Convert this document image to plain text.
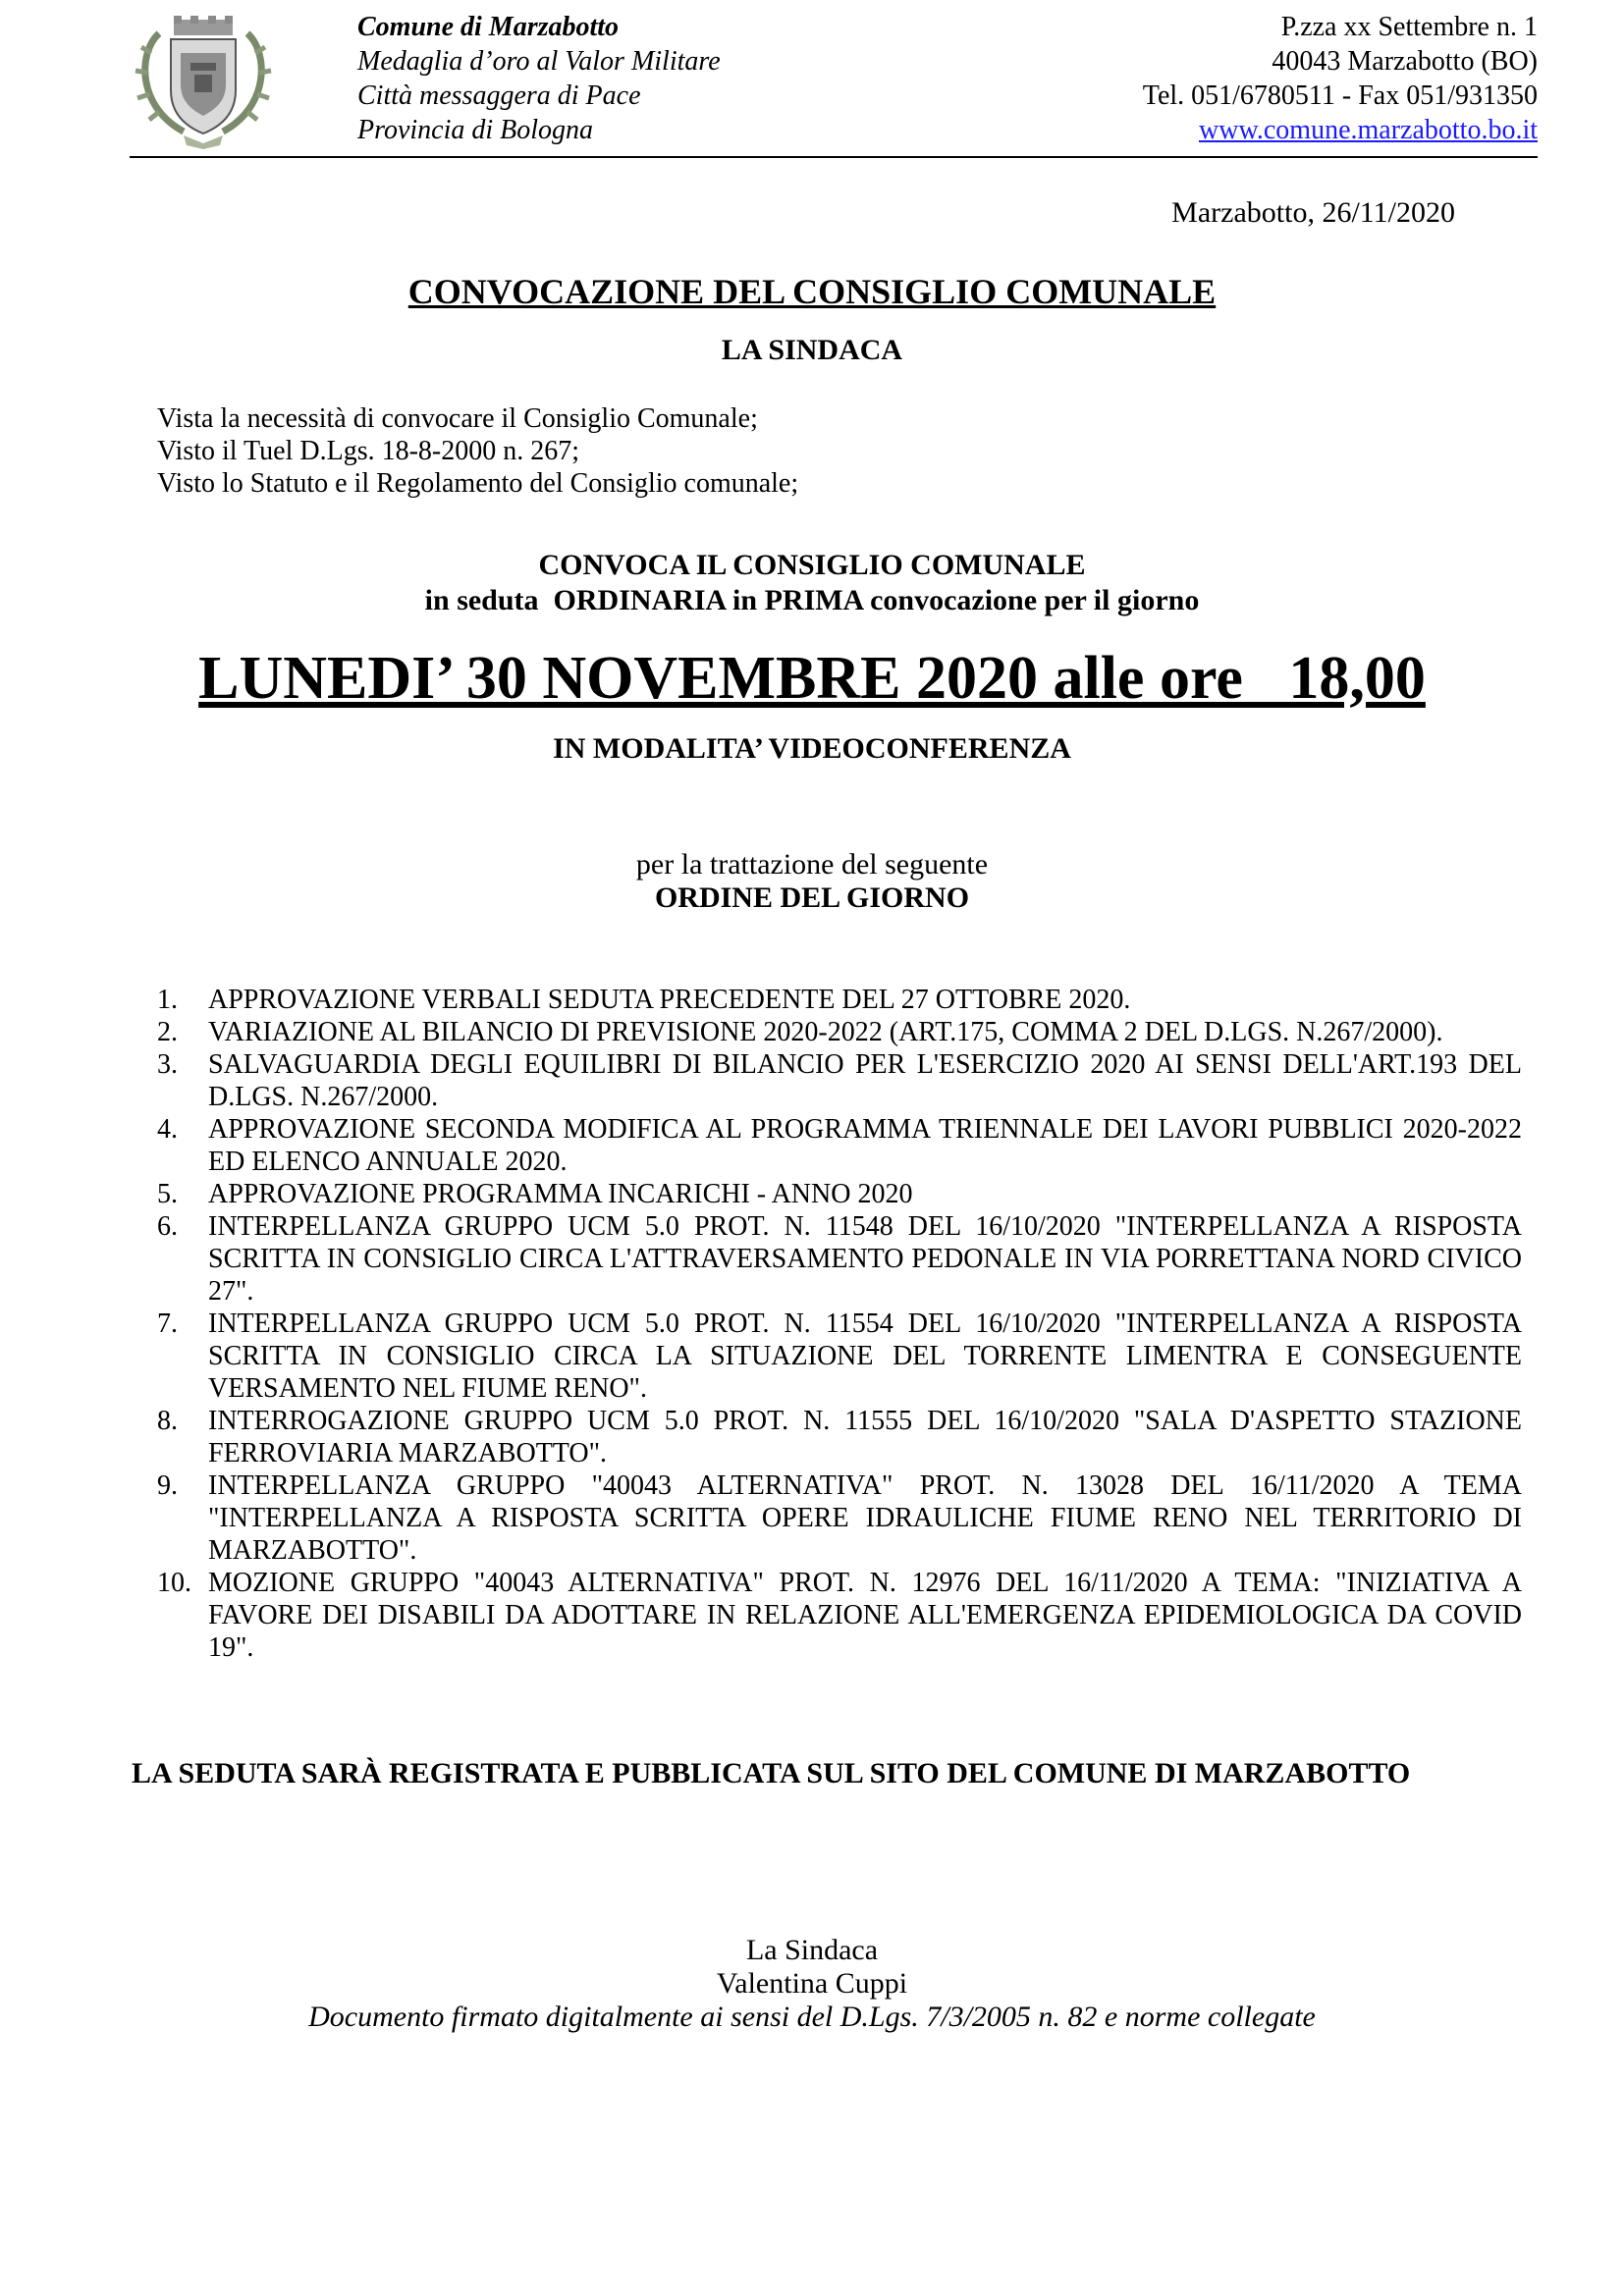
Comune di Marzabotto
Medaglia d’oro al Valor Militare
Città messaggera di Pace
Provincia di Bologna
P.zza xx Settembre n. 1
40043 Marzabotto (BO)
Tel. 051/6780511 - Fax 051/931350
www.comune.marzabotto.bo.it
Marzabotto, 26/11/2020
CONVOCAZIONE DEL CONSIGLIO COMUNALE
LA SINDACA
Vista la necessità di convocare il Consiglio Comunale;
Visto il Tuel D.Lgs. 18-8-2000 n. 267;
Visto lo Statuto e il Regolamento del Consiglio comunale;
CONVOCA IL CONSIGLIO COMUNALE
in seduta  ORDINARIA in PRIMA convocazione per il giorno
LUNEDI’ 30 NOVEMBRE 2020 alle ore _18,00
IN MODALITA’ VIDEOCONFERENZA
per la trattazione del seguente
ORDINE DEL GIORNO
1.	APPROVAZIONE VERBALI SEDUTA PRECEDENTE DEL 27 OTTOBRE 2020.
2.	VARIAZIONE AL BILANCIO DI PREVISIONE 2020-2022 (ART.175, COMMA 2 DEL D.LGS. N.267/2000).
3.	SALVAGUARDIA DEGLI EQUILIBRI DI BILANCIO PER L'ESERCIZIO 2020 AI SENSI DELL'ART.193 DEL D.LGS. N.267/2000.
4.	APPROVAZIONE SECONDA MODIFICA AL PROGRAMMA TRIENNALE DEI LAVORI PUBBLICI 2020-2022 ED ELENCO ANNUALE 2020.
5.	APPROVAZIONE PROGRAMMA INCARICHI - ANNO 2020
6.	INTERPELLANZA GRUPPO UCM 5.0 PROT. N. 11548 DEL 16/10/2020 "INTERPELLANZA A RISPOSTA SCRITTA IN CONSIGLIO CIRCA L'ATTRAVERSAMENTO PEDONALE IN VIA PORRETTANA NORD CIVICO 27".
7.	INTERPELLANZA GRUPPO UCM 5.0 PROT. N. 11554 DEL 16/10/2020 "INTERPELLANZA A RISPOSTA SCRITTA IN CONSIGLIO CIRCA LA SITUAZIONE DEL TORRENTE LIMENTRA E CONSEGUENTE VERSAMENTO NEL FIUME RENO".
8.	INTERROGAZIONE GRUPPO UCM 5.0 PROT. N. 11555 DEL 16/10/2020 "SALA D'ASPETTO STAZIONE FERROVIARIA MARZABOTTO".
9.	INTERPELLANZA GRUPPO "40043 ALTERNATIVA" PROT. N. 13028 DEL 16/11/2020 A TEMA "INTERPELLANZA A RISPOSTA SCRITTA OPERE IDRAULICHE FIUME RENO NEL TERRITORIO DI MARZABOTTO".
10. MOZIONE GRUPPO "40043 ALTERNATIVA" PROT. N. 12976 DEL 16/11/2020 A TEMA: "INIZIATIVA A FAVORE DEI DISABILI DA ADOTTARE IN RELAZIONE ALL'EMERGENZA EPIDEMIOLOGICA DA COVID 19".
LA SEDUTA SARÀ REGISTRATA E PUBBLICATA SUL SITO DEL COMUNE DI MARZABOTTO
La Sindaca
Valentina Cuppi
Documento firmato digitalmente ai sensi del D.Lgs. 7/3/2005 n. 82 e norme collegate
